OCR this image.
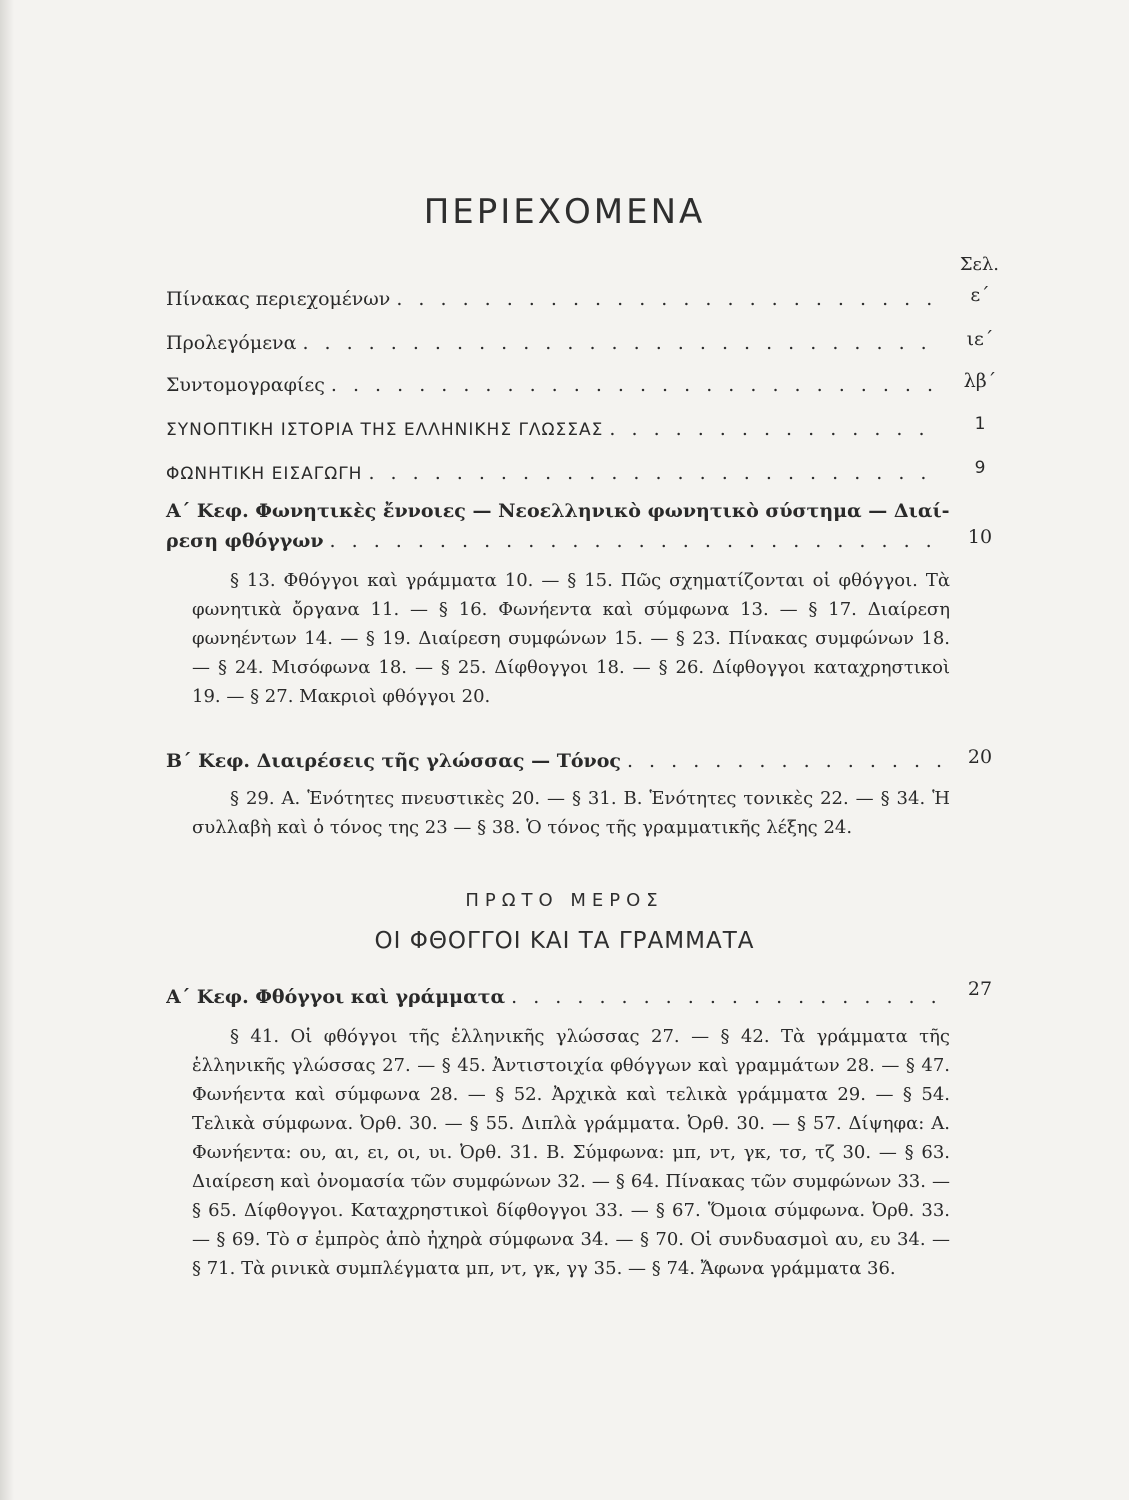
ΠΕΡΙΕΧΟΜΕΝΑ
Σελ.
Πίνακας περιεχομένων . . .	ε΄
Προλεγόμενα . . .	ιε΄
Συντομογραφίες . . .	λβ΄
ΣΥΝΟΠΤΙΚΗ ΙΣΤΟΡΙΑ ΤΗΣ ΕΛΛΗΝΙΚΗΣ ΓΛΩΣΣΑΣ . . .	1
ΦΩΝΗΤΙΚΗ ΕΙΣΑΓΩΓΗ . . .	9
Α΄ Κεφ. Φωνητικὲς ἔννοιες — Νεοελληνικὸ φωνητικὸ σύστημα — Διαί-
ρεση φθόγγων . . .	10

§ 13. Φθόγγοι καὶ γράμματα 10. — § 15. Πῶς σχηματίζονται οἱ φθόγγοι. Τὰ φωνητικὰ ὄργανα 11. — § 16. Φωνήεντα καὶ σύμφωνα 13. — § 17. Διαίρεση φωνηέντων 14. — § 19. Διαίρεση συμφώνων 15. — § 23. Πίνακας συμφώνων 18. — § 24. Μισόφωνα 18. — § 25. Δίφθογγοι 18. — § 26. Δίφθογγοι καταχρηστικοὶ 19. — § 27. Μακριοὶ φθόγγοι 20.

Β΄ Κεφ. Διαιρέσεις τῆς γλώσσας — Τόνος . . .	20

§ 29. Α. Ἑνότητες πνευστικὲς 20. — § 31. Β. Ἑνότητες τονικὲς 22. — § 34. Ἡ συλλαβὴ καὶ ὁ τόνος της 23 — § 38. Ὁ τόνος τῆς γραμματικῆς λέξης 24.

ΠΡΩΤΟ ΜΕΡΟΣ
ΟΙ ΦΘΟΓΓΟΙ ΚΑΙ ΤΑ ΓΡΑΜΜΑΤΑ
Α΄ Κεφ. Φθόγγοι καὶ γράμματα . . .	27

§ 41. Οἱ φθόγγοι τῆς ἑλληνικῆς γλώσσας 27. — § 42. Τὰ γράμματα τῆς ἑλληνικῆς γλώσσας 27. — § 45. Ἀντιστοιχία φθόγγων καὶ γραμμάτων 28. — § 47. Φωνήεντα καὶ σύμφωνα 28. — § 52. Ἀρχικὰ καὶ τελικὰ γράμματα 29. — § 54. Τελικὰ σύμφωνα. Ὀρθ. 30. — § 55. Διπλὰ γράμματα. Ὀρθ. 30. — § 57. Δίψηφα: Α. Φωνήεντα: ου, αι, ει, οι, υι. Ὀρθ. 31. Β. Σύμφωνα: μπ, ντ, γκ, τσ, τζ 30. — § 63. Διαίρεση καὶ ὀνομασία τῶν συμφώνων 32. — § 64. Πίνακας τῶν συμφώνων 33. — § 65. Δίφθογγοι. Καταχρηστικοὶ δίφθογγοι 33. — § 67. Ὅμοια σύμφωνα. Ὀρθ. 33. — § 69. Τὸ σ ἐμπρὸς ἀπὸ ἠχηρὰ σύμφωνα 34. — § 70. Οἱ συνδυασμοὶ αυ, ευ 34. — § 71. Τὰ ρινικὰ συμπλέγματα μπ, ντ, γκ, γγ 35. — § 74. Ἄφωνα γράμματα 36.
